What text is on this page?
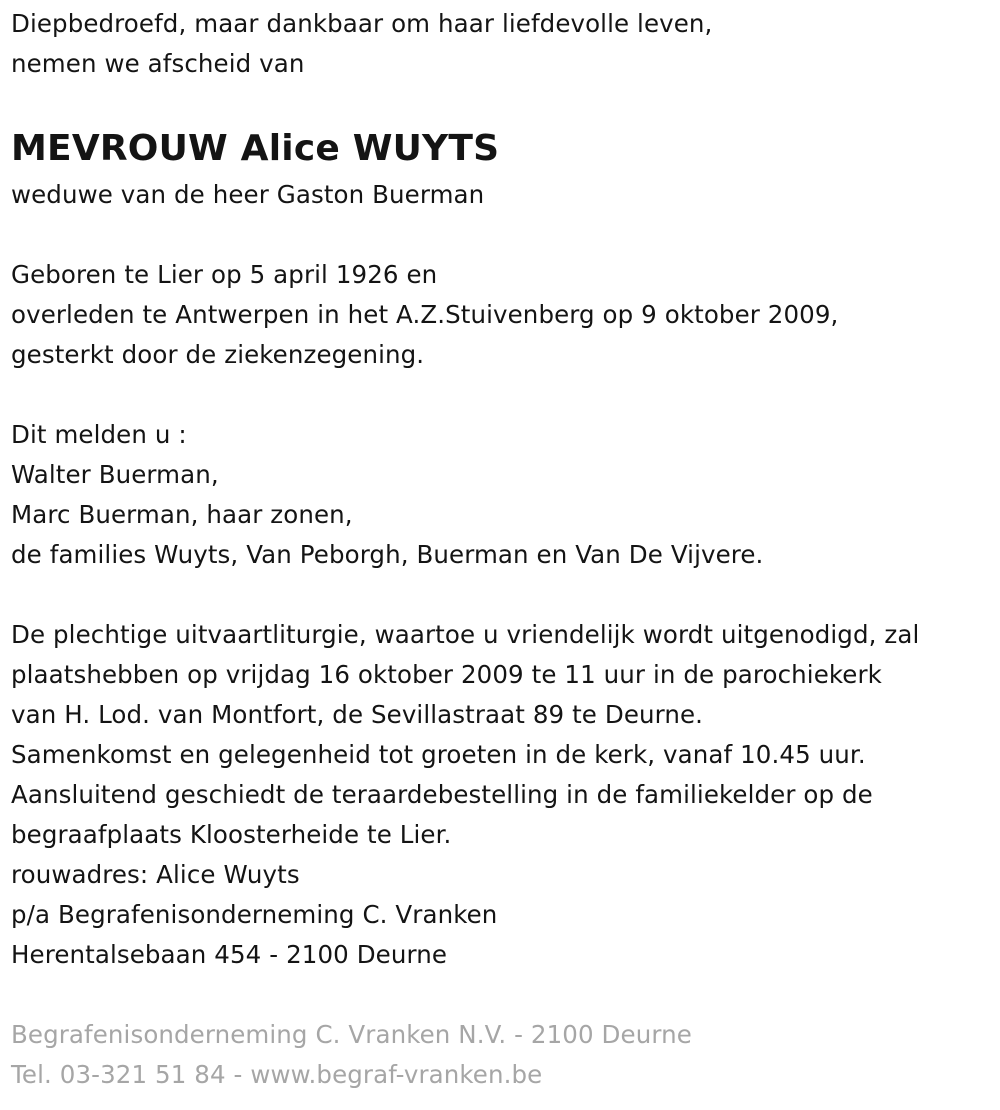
Diepbedroefd, maar dankbaar om haar liefdevolle leven,
nemen we afscheid van
MEVROUW Alice WUYTS
weduwe van de heer Gaston Buerman
Geboren te Lier op 5 april 1926 en
overleden te Antwerpen in het A.Z.Stuivenberg op 9 oktober 2009,
gesterkt door de ziekenzegening.
Dit melden u :
Walter Buerman,
Marc Buerman, haar zonen,
de families Wuyts, Van Peborgh, Buerman en Van De Vijvere.
De plechtige uitvaartliturgie, waartoe u vriendelijk wordt uitgenodigd, zal
plaatshebben op vrijdag 16 oktober 2009 te 11 uur in de parochiekerk
van H. Lod. van Montfort, de Sevillastraat 89 te Deurne.
Samenkomst en gelegenheid tot groeten in de kerk, vanaf 10.45 uur.
Aansluitend geschiedt de teraardebestelling in de familiekelder op de
begraafplaats Kloosterheide te Lier.
rouwadres: Alice Wuyts
p/a Begrafenisonderneming C. Vranken
Herentalsebaan 454 - 2100 Deurne
Begrafenisonderneming C. Vranken N.V. - 2100 Deurne
Tel. 03-321 51 84 - www.begraf-vranken.be
